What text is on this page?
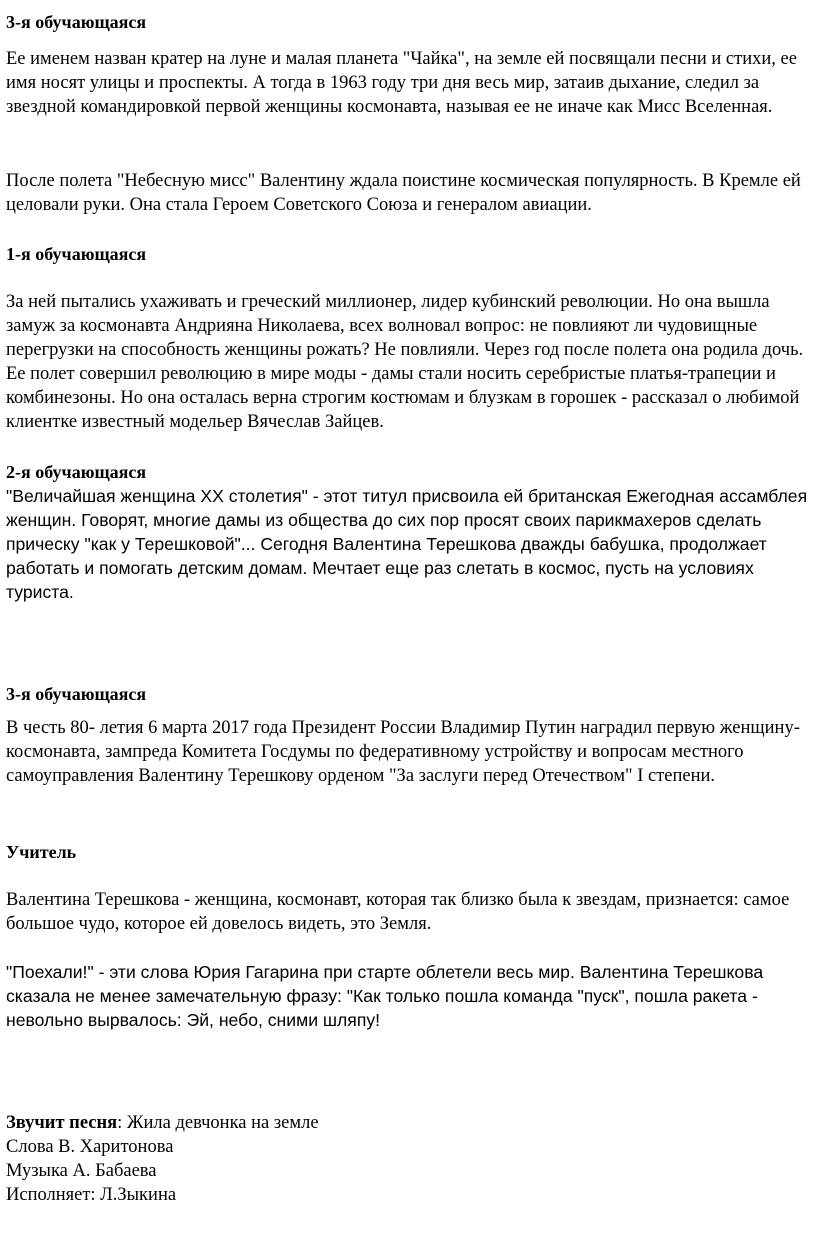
3-я обучающаяся

Ее именем назван кратер на луне и малая планета "Чайка", на земле ей посвящали песни и стихи, ее имя носят улицы и проспекты. А тогда в 1963 году три дня весь мир, затаив дыхание, следил за звездной командировкой первой женщины космонавта, называя ее не иначе как Мисс Вселенная.

После полета "Небесную мисс" Валентину ждала поистине космическая популярность. В Кремле ей целовали руки. Она стала Героем Советского Союза и генералом авиации.

1-я обучающаяся

За ней пытались ухаживать и греческий миллионер, лидер кубинский революции. Но она вышла замуж за космонавта Андрияна Николаева, всех волновал вопрос: не повлияют ли чудовищные перегрузки на способность женщины рожать? Не повлияли. Через год после полета она родила дочь. Ее полет совершил революцию в мире моды - дамы стали носить серебристые платья-трапеции и комбинезоны. Но она осталась верна строгим костюмам и блузкам в горошек - рассказал о любимой клиентке известный модельер Вячеслав Зайцев.

2-я обучающаяся

"Величайшая женщина XX столетия" - этот титул присвоила ей британская Ежегодная ассамблея женщин. Говорят, многие дамы из общества до сих пор просят своих парикмахеров сделать прическу "как у Терешковой"... Сегодня Валентина Терешкова дважды бабушка, продолжает работать и помогать детским домам. Мечтает еще раз слетать в космос, пусть на условиях туриста.

3-я обучающаяся

В честь 80- летия 6 марта 2017 года Президент России Владимир Путин наградил первую женщину-космонавта, зампреда Комитета Госдумы по федеративному устройству и вопросам местного самоуправления Валентину Терешкову орденом "За заслуги перед Отечеством" I степени.

Учитель

Валентина Терешкова - женщина, космонавт, которая так близко была к звездам, признается: самое большое чудо, которое ей довелось видеть, это Земля.

"Поехали!" - эти слова Юрия Гагарина при старте облетели весь мир. Валентина Терешкова сказала не менее замечательную фразу: "Как только пошла команда "пуск", пошла ракета - невольно вырвалось: Эй, небо, сними шляпу!

Звучит песня: Жила девчонка на земле
Слова В. Харитонова
Музыка А. Бабаева
Исполняет: Л.Зыкина
